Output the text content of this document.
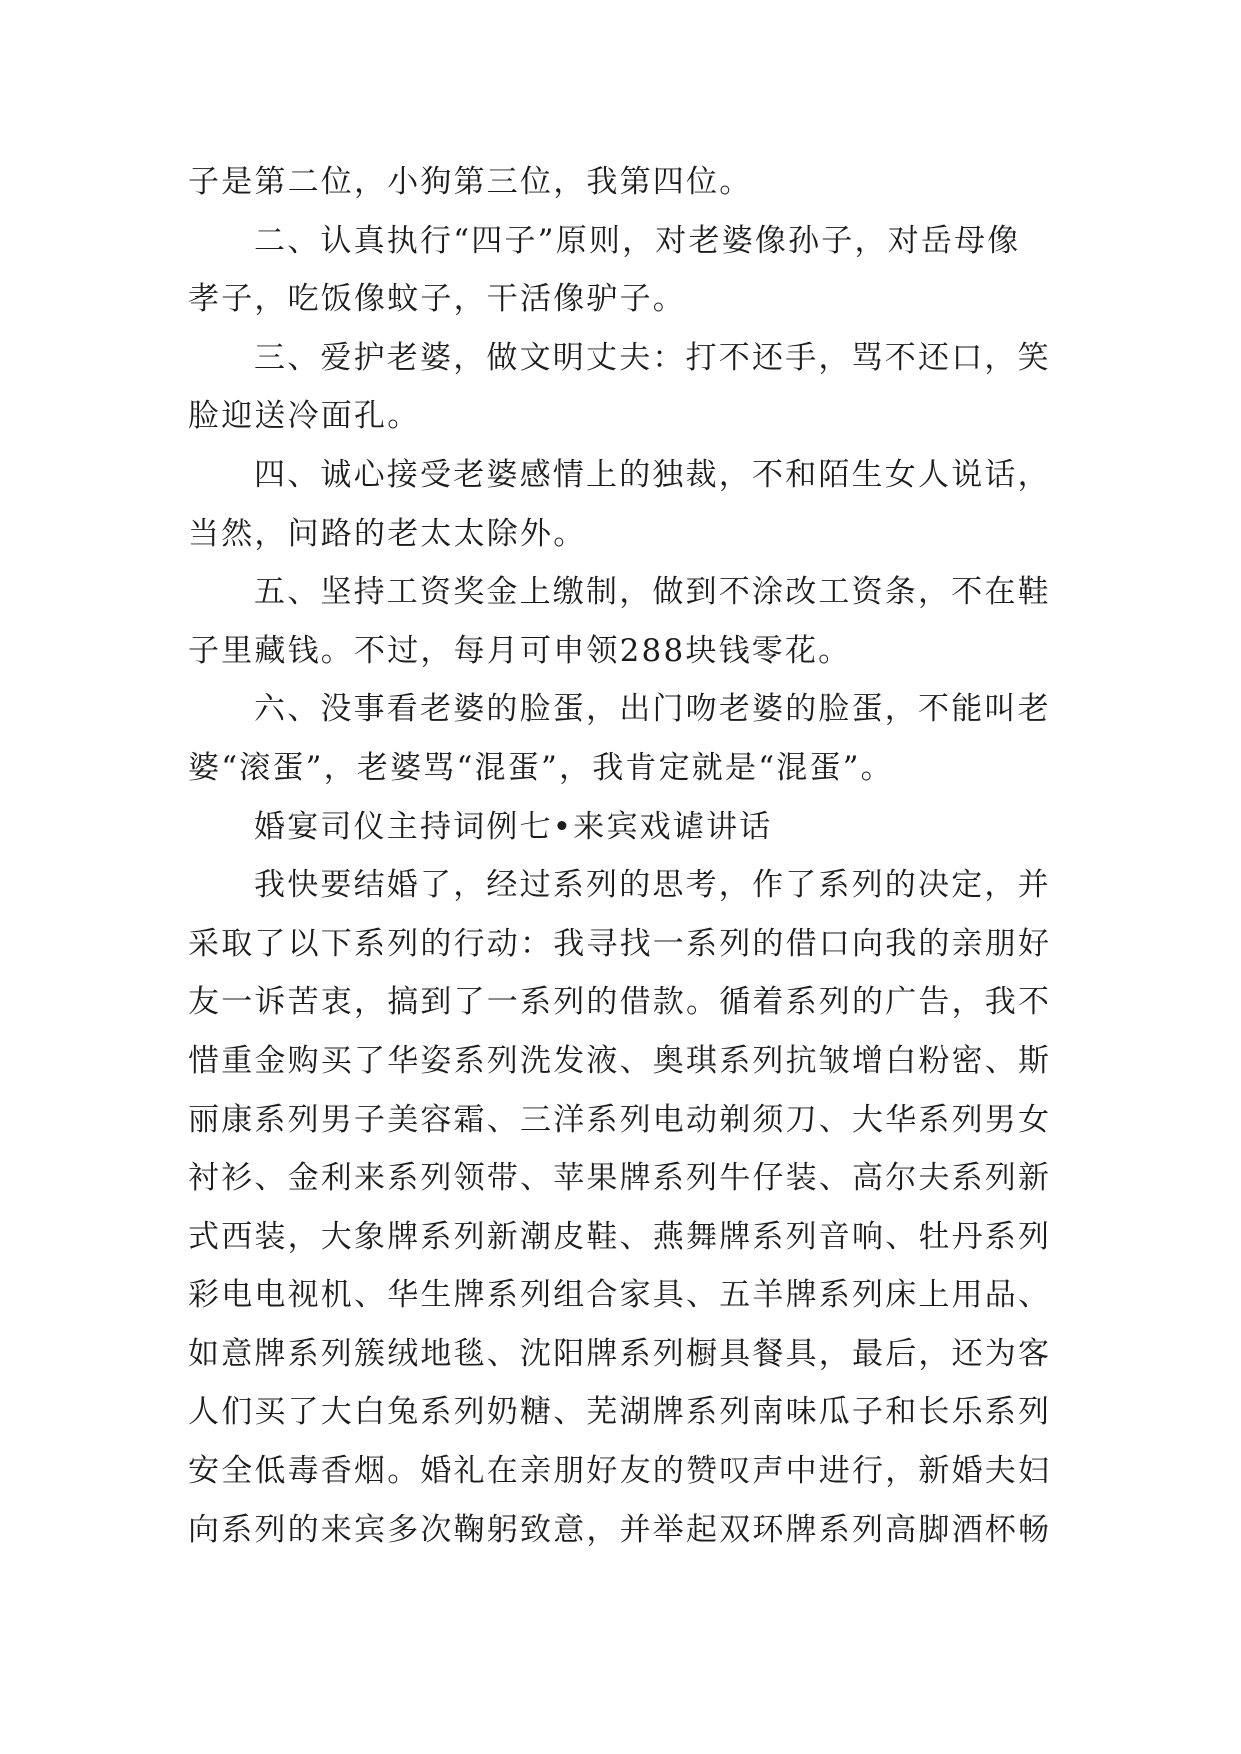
子是第二位，小狗第三位，我第四位。
二、认真执行“四子”原则，对老婆像孙子，对岳母像
孝子，吃饭像蚊子，干活像驴子。
三、爱护老婆，做文明丈夫：打不还手，骂不还口，笑
脸迎送冷面孔。
四、诚心接受老婆感情上的独裁，不和陌生女人说话，
当然，问路的老太太除外。
五、坚持工资奖金上缴制，做到不涂改工资条，不在鞋
子里藏钱。不过，每月可申领288块钱零花。
六、没事看老婆的脸蛋，出门吻老婆的脸蛋，不能叫老
婆“滚蛋”，老婆骂“混蛋”，我肯定就是“混蛋”。
婚宴司仪主持词例七•来宾戏谑讲话
我快要结婚了，经过系列的思考，作了系列的决定，并
采取了以下系列的行动：我寻找一系列的借口向我的亲朋好
友一诉苦衷，搞到了一系列的借款。循着系列的广告，我不
惜重金购买了华姿系列洗发液、奥琪系列抗皱增白粉密、斯
丽康系列男子美容霜、三洋系列电动剃须刀、大华系列男女
衬衫、金利来系列领带、苹果牌系列牛仔装、高尔夫系列新
式西装，大象牌系列新潮皮鞋、燕舞牌系列音响、牡丹系列
彩电电视机、华生牌系列组合家具、五羊牌系列床上用品、
如意牌系列簇绒地毯、沈阳牌系列橱具餐具，最后，还为客
人们买了大白兔系列奶糖、芜湖牌系列南味瓜子和长乐系列
安全低毒香烟。婚礼在亲朋好友的赞叹声中进行，新婚夫妇
向系列的来宾多次鞠躬致意，并举起双环牌系列高脚酒杯畅
